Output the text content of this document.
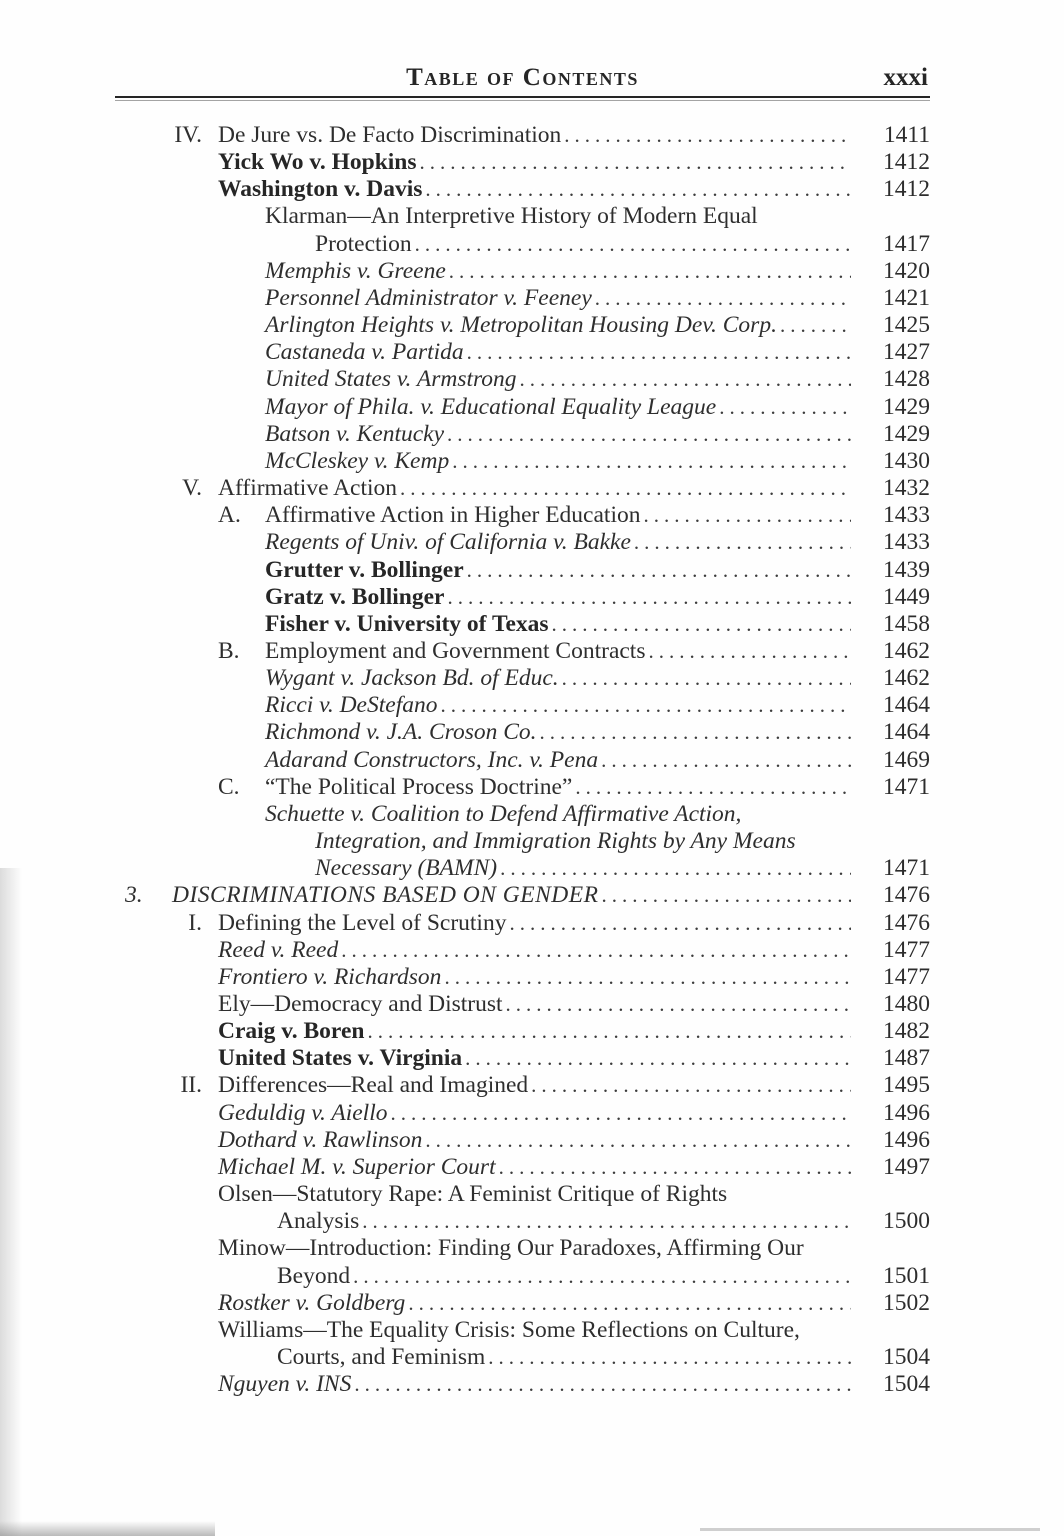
Table of Contents	xxxi
IV. De Jure vs. De Facto Discrimination .....	1411
Yick Wo v. Hopkins .....	1412
Washington v. Davis .....	1412
Klarman—An Interpretive History of Modern Equal
Protection .....	1417
Memphis v. Greene .....	1420
Personnel Administrator v. Feeney .....	1421
Arlington Heights v. Metropolitan Housing Dev. Corp. .....	1425
Castaneda v. Partida .....	1427
United States v. Armstrong .....	1428
Mayor of Phila. v. Educational Equality League .....	1429
Batson v. Kentucky .....	1429
McCleskey v. Kemp .....	1430
V. Affirmative Action .....	1432
A. Affirmative Action in Higher Education .....	1433
Regents of Univ. of California v. Bakke .....	1433
Grutter v. Bollinger .....	1439
Gratz v. Bollinger .....	1449
Fisher v. University of Texas .....	1458
B. Employment and Government Contracts .....	1462
Wygant v. Jackson Bd. of Educ. .....	1462
Ricci v. DeStefano .....	1464
Richmond v. J.A. Croson Co. .....	1464
Adarand Constructors, Inc. v. Pena .....	1469
C. “The Political Process Doctrine” .....	1471
Schuette v. Coalition to Defend Affirmative Action,
Integration, and Immigration Rights by Any Means
Necessary (BAMN) .....	1471
3. DISCRIMINATIONS BASED ON GENDER .....	1476
I. Defining the Level of Scrutiny .....	1476
Reed v. Reed .....	1477
Frontiero v. Richardson .....	1477
Ely—Democracy and Distrust .....	1480
Craig v. Boren .....	1482
United States v. Virginia .....	1487
II. Differences—Real and Imagined .....	1495
Geduldig v. Aiello .....	1496
Dothard v. Rawlinson .....	1496
Michael M. v. Superior Court .....	1497
Olsen—Statutory Rape: A Feminist Critique of Rights
Analysis .....	1500
Minow—Introduction: Finding Our Paradoxes, Affirming Our
Beyond .....	1501
Rostker v. Goldberg .....	1502
Williams—The Equality Crisis: Some Reflections on Culture,
Courts, and Feminism .....	1504
Nguyen v. INS .....	1504
